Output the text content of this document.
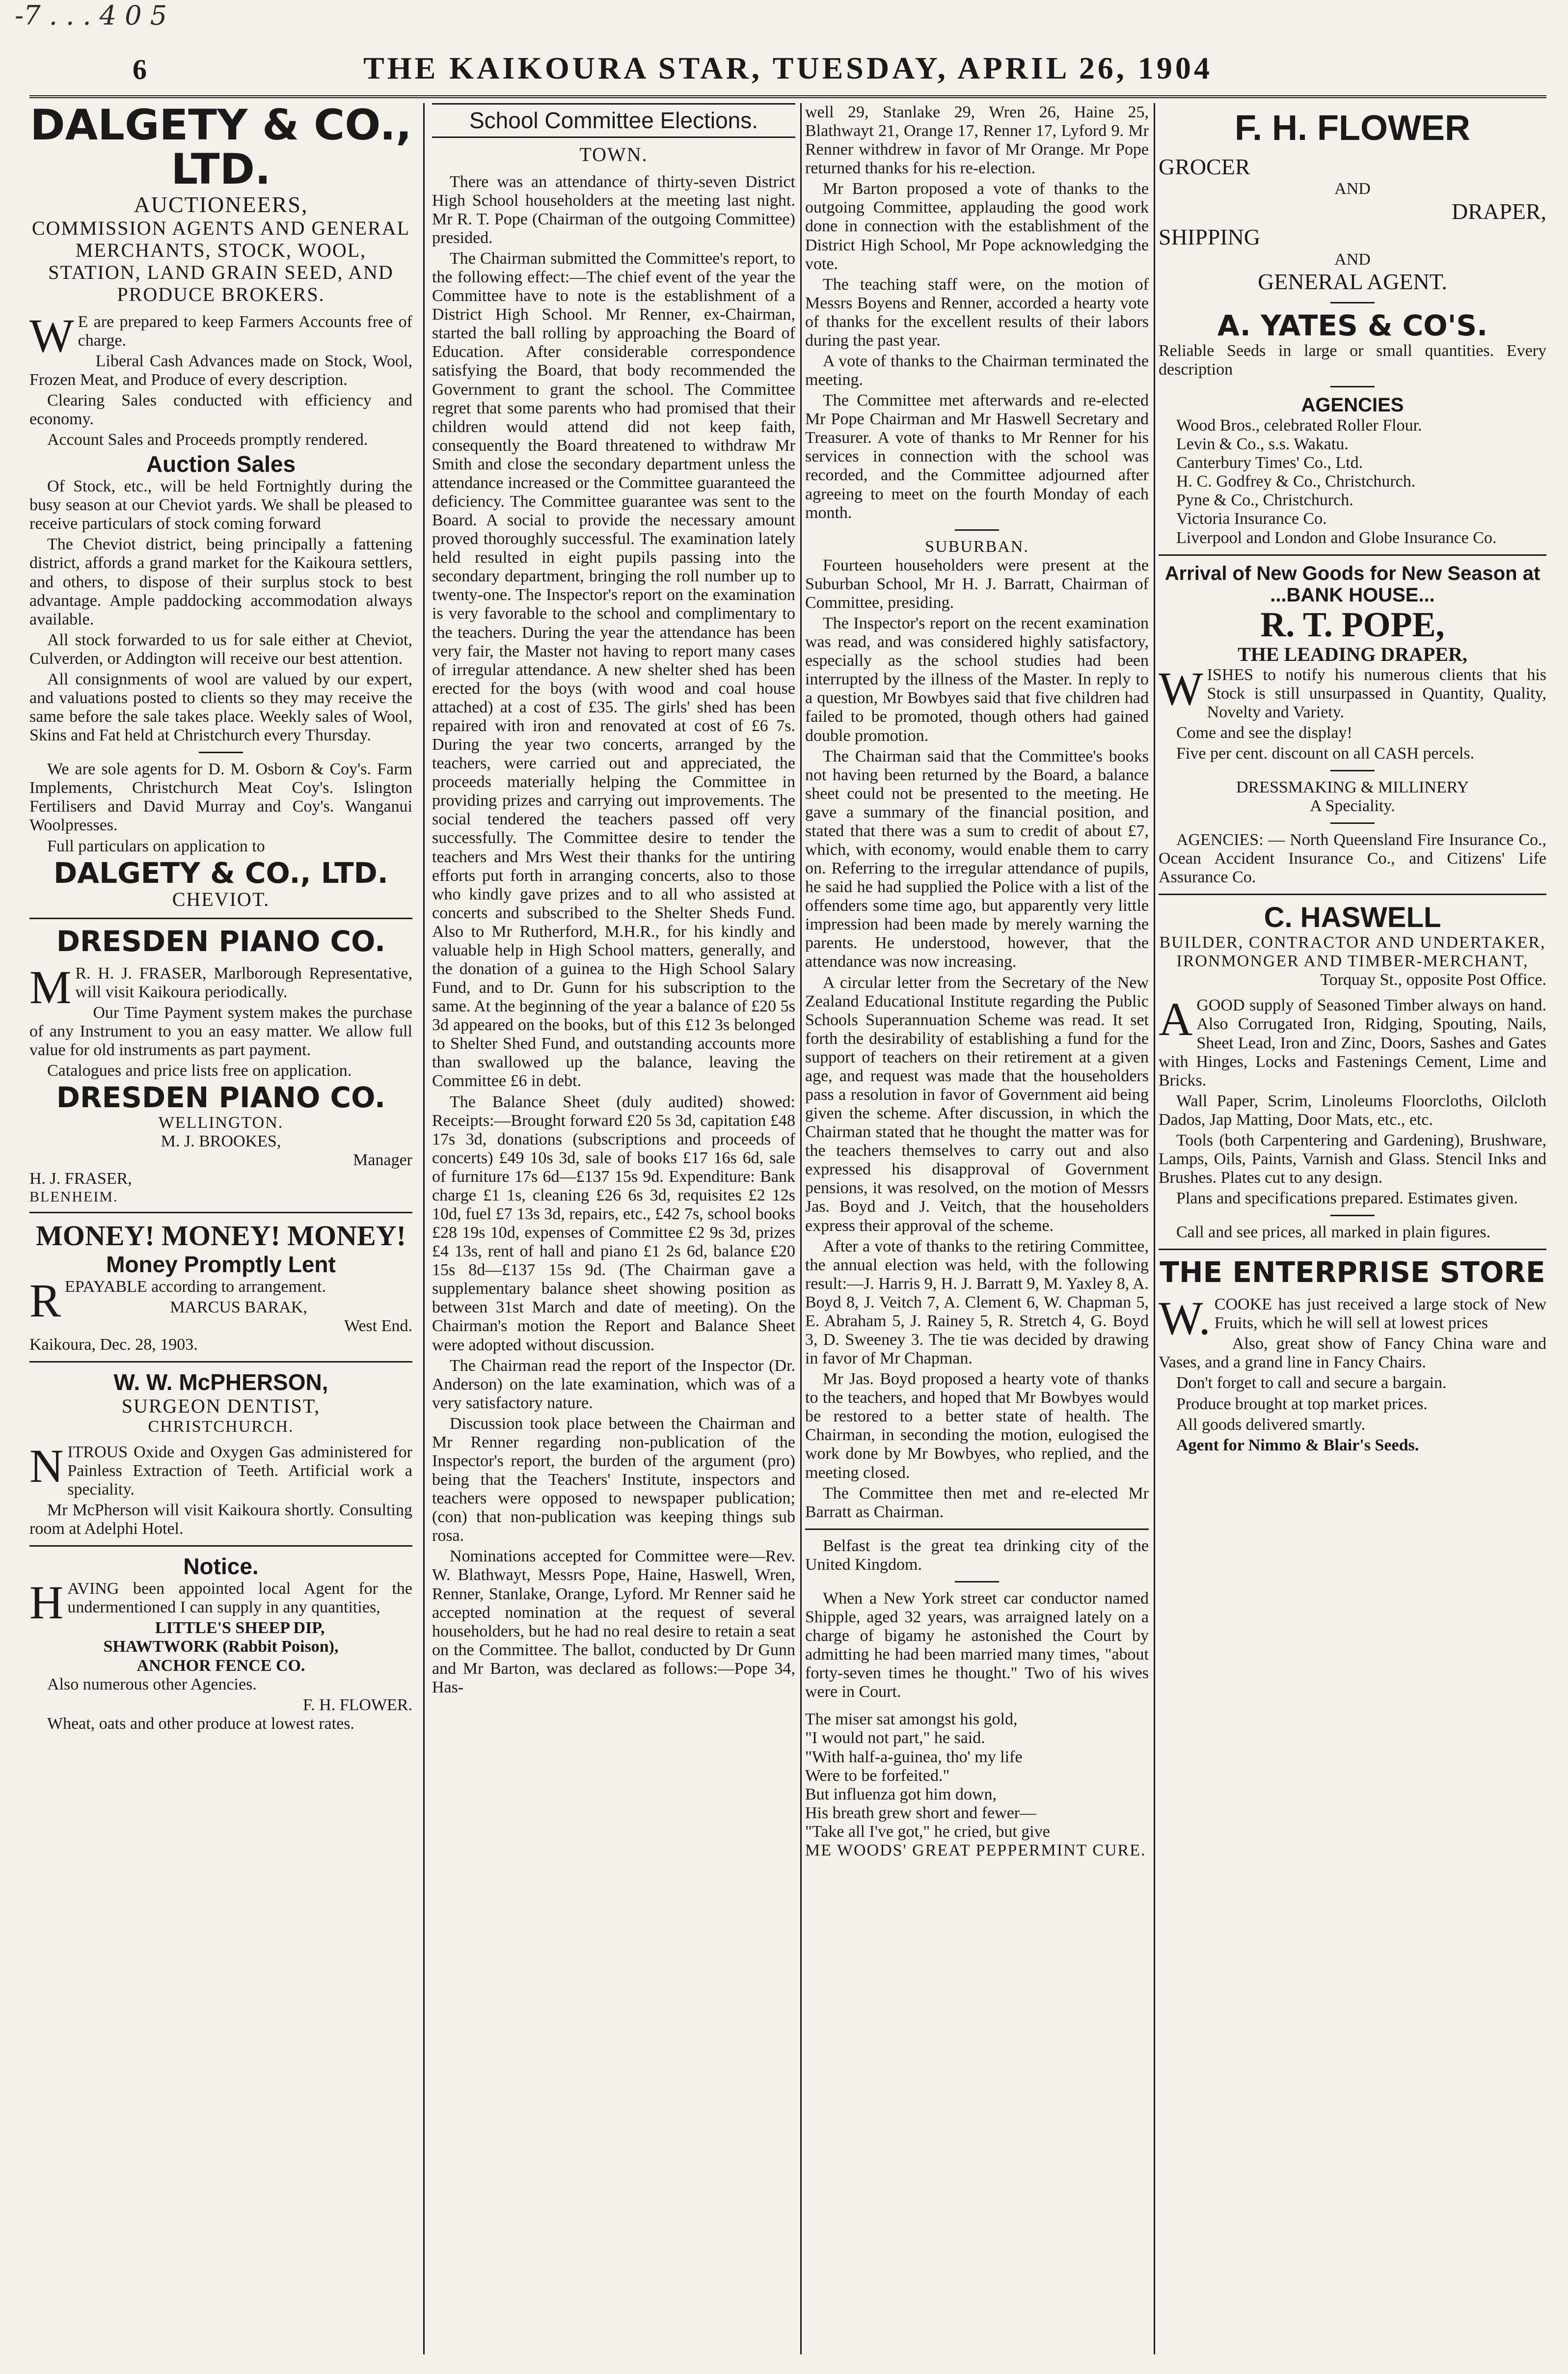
-7 . . . 4 0 5
6	THE KAIKOURA STAR, TUESDAY, APRIL 26, 1904
DALGETY & CO., LTD.
AUCTIONEERS,
COMMISSION AGENTS AND GENERAL MERCHANTS, STOCK, WOOL, STATION, LAND GRAIN SEED, AND PRODUCE BROKERS.

WE are prepared to keep Farmers Accounts free of charge.

Liberal Cash Advances made on Stock, Wool, Frozen Meat, and Produce of every description.

Clearing Sales conducted with efficiency and economy.

Account Sales and Proceeds promptly rendered.

Auction Sales

Of Stock, etc., will be held Fortnightly during the busy season at our Cheviot yards. We shall be pleased to receive particulars of stock coming forward

The Cheviot district, being principally a fattening district, affords a grand market for the Kaikoura settlers, and others, to dispose of their surplus stock to best advantage. Ample paddocking accommodation always available.

All stock forwarded to us for sale either at Cheviot, Culverden, or Addington will receive our best attention.

All consignments of wool are valued by our expert, and valuations posted to clients so they may receive the same before the sale takes place. Weekly sales of Wool, Skins and Fat held at Christchurch every Thursday.

We are sole agents for D. M. Osborn & Coy's. Farm Implements, Christchurch Meat Coy's. Islington Fertilisers and David Murray and Coy's. Wanganui Woolpresses.

Full particulars on application to

DALGETY & CO., LTD.
CHEVIOT.
DRESDEN PIANO CO.

MR. H. J. FRASER, Marlborough Representative, will visit Kaikoura periodically.

Our Time Payment system makes the purchase of any Instrument to you an easy matter. We allow full value for old instruments as part payment.

Catalogues and price lists free on application.

DRESDEN PIANO CO.
WELLINGTON.
M. J. BROOKES,
Manager
H. J. FRASER,
BLENHEIM.
MONEY! MONEY! MONEY!
Money Promptly Lent

REPAYABLE according to arrangement.

MARCUS BARAK,
West End.
Kaikoura, Dec. 28, 1903.
W. W. McPHERSON,
SURGEON DENTIST,
CHRISTCHURCH.

NITROUS Oxide and Oxygen Gas administered for Painless Extraction of Teeth. Artificial work a speciality.

Mr McPherson will visit Kaikoura shortly. Consulting room at Adelphi Hotel.

Notice.

HAVING been appointed local Agent for the undermentioned I can supply in any quantities,

LITTLE'S SHEEP DIP,
SHAWTWORK (Rabbit Poison),
ANCHOR FENCE CO.

Also numerous other Agencies.

F. H. FLOWER.

Wheat, oats and other produce at lowest rates.

School Committee Elections.
TOWN.

There was an attendance of thirty-seven District High School householders at the meeting last night. Mr R. T. Pope (Chairman of the outgoing Committee) presided.

The Chairman submitted the Committee's report, to the following effect:—The chief event of the year the Committee have to note is the establishment of a District High School. Mr Renner, ex-Chairman, started the ball rolling by approaching the Board of Education. After considerable correspondence satisfying the Board, that body recommended the Government to grant the school. The Committee regret that some parents who had promised that their children would attend did not keep faith, consequently the Board threatened to withdraw Mr Smith and close the secondary department unless the attendance increased or the Committee guaranteed the deficiency. The Committee guarantee was sent to the Board. A social to provide the necessary amount proved thoroughly successful. The examination lately held resulted in eight pupils passing into the secondary department, bringing the roll number up to twenty-one. The Inspector's report on the examination is very favorable to the school and complimentary to the teachers. During the year the attendance has been very fair, the Master not having to report many cases of irregular attendance. A new shelter shed has been erected for the boys (with wood and coal house attached) at a cost of £35. The girls' shed has been repaired with iron and renovated at cost of £6 7s. During the year two concerts, arranged by the teachers, were carried out and appreciated, the proceeds materially helping the Committee in providing prizes and carrying out improvements. The social tendered the teachers passed off very successfully. The Committee desire to tender the teachers and Mrs West their thanks for the untiring efforts put forth in arranging concerts, also to those who kindly gave prizes and to all who assisted at concerts and subscribed to the Shelter Sheds Fund. Also to Mr Rutherford, M.H.R., for his kindly and valuable help in High School matters, generally, and the donation of a guinea to the High School Salary Fund, and to Dr. Gunn for his subscription to the same. At the beginning of the year a balance of £20 5s 3d appeared on the books, but of this £12 3s belonged to Shelter Shed Fund, and outstanding accounts more than swallowed up the balance, leaving the Committee £6 in debt.

The Balance Sheet (duly audited) showed: Receipts:—Brought forward £20 5s 3d, capitation £48 17s 3d, donations (subscriptions and proceeds of concerts) £49 10s 3d, sale of books £17 16s 6d, sale of furniture 17s 6d—£137 15s 9d. Expenditure: Bank charge £1 1s, cleaning £26 6s 3d, requisites £2 12s 10d, fuel £7 13s 3d, repairs, etc., £42 7s, school books £28 19s 10d, expenses of Committee £2 9s 3d, prizes £4 13s, rent of hall and piano £1 2s 6d, balance £20 15s 8d—£137 15s 9d. (The Chairman gave a supplementary balance sheet showing position as between 31st March and date of meeting). On the Chairman's motion the Report and Balance Sheet were adopted without discussion.

The Chairman read the report of the Inspector (Dr. Anderson) on the late examination, which was of a very satisfactory nature.

Discussion took place between the Chairman and Mr Renner regarding non-publication of the Inspector's report, the burden of the argument (pro) being that the Teachers' Institute, inspectors and teachers were opposed to newspaper publication; (con) that non-publication was keeping things sub rosa.

Nominations accepted for Committee were—Rev. W. Blathwayt, Messrs Pope, Haine, Haswell, Wren, Renner, Stanlake, Orange, Lyford. Mr Renner said he accepted nomination at the request of several householders, but he had no real desire to retain a seat on the Committee. The ballot, conducted by Dr Gunn and Mr Barton, was declared as follows:—Pope 34, Has-

well 29, Stanlake 29, Wren 26, Haine 25, Blathwayt 21, Orange 17, Renner 17, Lyford 9. Mr Renner withdrew in favor of Mr Orange. Mr Pope returned thanks for his re-election.

Mr Barton proposed a vote of thanks to the outgoing Committee, applauding the good work done in connection with the establishment of the District High School, Mr Pope acknowledging the vote.

The teaching staff were, on the motion of Messrs Boyens and Renner, accorded a hearty vote of thanks for the excellent results of their labors during the past year.

A vote of thanks to the Chairman terminated the meeting.

The Committee met afterwards and re-elected Mr Pope Chairman and Mr Haswell Secretary and Treasurer. A vote of thanks to Mr Renner for his services in connection with the school was recorded, and the Committee adjourned after agreeing to meet on the fourth Monday of each month.

SUBURBAN.

Fourteen householders were present at the Suburban School, Mr H. J. Barratt, Chairman of Committee, presiding.

The Inspector's report on the recent examination was read, and was considered highly satisfactory, especially as the school studies had been interrupted by the illness of the Master. In reply to a question, Mr Bowbyes said that five children had failed to be promoted, though others had gained double promotion.

The Chairman said that the Committee's books not having been returned by the Board, a balance sheet could not be presented to the meeting. He gave a summary of the financial position, and stated that there was a sum to credit of about £7, which, with economy, would enable them to carry on. Referring to the irregular attendance of pupils, he said he had supplied the Police with a list of the offenders some time ago, but apparently very little impression had been made by merely warning the parents. He understood, however, that the attendance was now increasing.

A circular letter from the Secretary of the New Zealand Educational Institute regarding the Public Schools Superannuation Scheme was read. It set forth the desirability of establishing a fund for the support of teachers on their retirement at a given age, and request was made that the householders pass a resolution in favor of Government aid being given the scheme. After discussion, in which the Chairman stated that he thought the matter was for the teachers themselves to carry out and also expressed his disapproval of Government pensions, it was resolved, on the motion of Messrs Jas. Boyd and J. Veitch, that the householders express their approval of the scheme.

After a vote of thanks to the retiring Committee, the annual election was held, with the following result:—J. Harris 9, H. J. Barratt 9, M. Yaxley 8, A. Boyd 8, J. Veitch 7, A. Clement 6, W. Chapman 5, E. Abraham 5, J. Rainey 5, R. Stretch 4, G. Boyd 3, D. Sweeney 3. The tie was decided by drawing in favor of Mr Chapman.

Mr Jas. Boyd proposed a hearty vote of thanks to the teachers, and hoped that Mr Bowbyes would be restored to a better state of health. The Chairman, in seconding the motion, eulogised the work done by Mr Bowbyes, who replied, and the meeting closed.

The Committee then met and re-elected Mr Barratt as Chairman.

Belfast is the great tea drinking city of the United Kingdom.

When a New York street car conductor named Shipple, aged 32 years, was arraigned lately on a charge of bigamy he astonished the Court by admitting he had been married many times, "about forty-seven times he thought." Two of his wives were in Court.

The miser sat amongst his gold,
"I would not part," he said.
"With half-a-guinea, tho' my life
Were to be forfeited."
But influenza got him down,
His breath grew short and fewer—
"Take all I've got," he cried, but give
ME WOODS' GREAT PEPPERMINT CURE.
F. H. FLOWER
GROCER
AND
DRAPER,
SHIPPING
AND
GENERAL AGENT.
A. YATES & CO'S.

Reliable Seeds in large or small quantities. Every description

AGENCIES
Wood Bros., celebrated Roller Flour.
Levin & Co., s.s. Wakatu.
Canterbury Times' Co., Ltd.
H. C. Godfrey & Co., Christchurch.
Pyne & Co., Christchurch.
Victoria Insurance Co.
Liverpool and London and Globe Insurance Co.
Arrival of New Goods for New Season at
...BANK HOUSE...
R. T. POPE,
THE LEADING DRAPER,

WISHES to notify his numerous clients that his Stock is still unsurpassed in Quantity, Quality, Novelty and Variety.

Come and see the display!

Five per cent. discount on all CASH percels.

DRESSMAKING & MILLINERY
A Speciality.

AGENCIES: — North Queensland Fire Insurance Co., Ocean Accident Insurance Co., and Citizens' Life Assurance Co.

C. HASWELL
BUILDER, CONTRACTOR AND UNDERTAKER,
IRONMONGER AND TIMBER-MERCHANT,
Torquay St., opposite Post Office.

AGOOD supply of Seasoned Timber always on hand. Also Corrugated Iron, Ridging, Spouting, Nails, Sheet Lead, Iron and Zinc, Doors, Sashes and Gates with Hinges, Locks and Fastenings Cement, Lime and Bricks.

Wall Paper, Scrim, Linoleums Floorcloths, Oilcloth Dados, Jap Matting, Door Mats, etc., etc.

Tools (both Carpentering and Gardening), Brushware, Lamps, Oils, Paints, Varnish and Glass. Stencil Inks and Brushes. Plates cut to any design.

Plans and specifications prepared. Estimates given.

Call and see prices, all marked in plain figures.

THE ENTERPRISE STORE

W.COOKE has just received a large stock of New Fruits, which he will sell at lowest prices

Also, great show of Fancy China ware and Vases, and a grand line in Fancy Chairs.

Don't forget to call and secure a bargain.

Produce brought at top market prices.

All goods delivered smartly.

Agent for Nimmo & Blair's Seeds.
